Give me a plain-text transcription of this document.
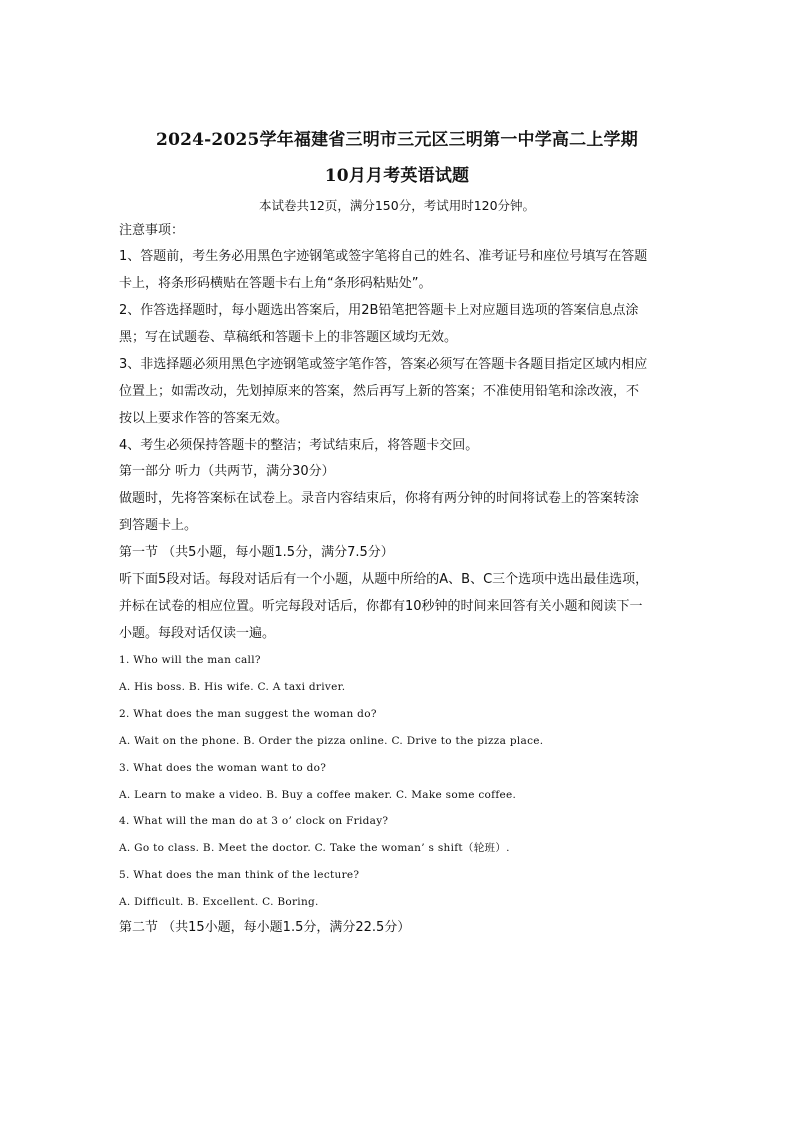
2024-2025学年福建省三明市三元区三明第一中学高二上学期
10月月考英语试题
本试卷共12页，满分150分，考试用时120分钟。
注意事项：
1、答题前，考生务必用黑色字迹钢笔或签字笔将自己的姓名、准考证号和座位号填写在答题
卡上，将条形码横贴在答题卡右上角“条形码粘贴处”。
2、作答选择题时，每小题选出答案后，用2B铅笔把答题卡上对应题目选项的答案信息点涂
黑；写在试题卷、草稿纸和答题卡上的非答题区域均无效。
3、非选择题必须用黑色字迹钢笔或签字笔作答，答案必须写在答题卡各题目指定区域内相应
位置上；如需改动，先划掉原来的答案，然后再写上新的答案；不准使用铅笔和涂改液，不
按以上要求作答的答案无效。
4、考生必须保持答题卡的整洁；考试结束后，将答题卡交回。
第一部分 听力（共两节，满分30分）
做题时，先将答案标在试卷上。录音内容结束后，你将有两分钟的时间将试卷上的答案转涂
到答题卡上。
第一节 （共5小题，每小题1.5分，满分7.5分）
听下面5段对话。每段对话后有一个小题，从题中所给的A、B、C三个选项中选出最佳选项，
并标在试卷的相应位置。听完每段对话后，你都有10秒钟的时间来回答有关小题和阅读下一
小题。每段对话仅读一遍。
1. Who will the man call?
A. His boss. B. His wife. C. A taxi driver.
2. What does the man suggest the woman do?
A. Wait on the phone. B. Order the pizza online. C. Drive to the pizza place.
3. What does the woman want to do?
A. Learn to make a video. B. Buy a coffee maker. C. Make some coffee.
4. What will the man do at 3 o’ clock on Friday?
A. Go to class. B. Meet the doctor. C. Take the woman’ s shift（轮班）.
5. What does the man think of the lecture?
A. Difficult. B. Excellent. C. Boring.
第二节 （共15小题，每小题1.5分，满分22.5分）
